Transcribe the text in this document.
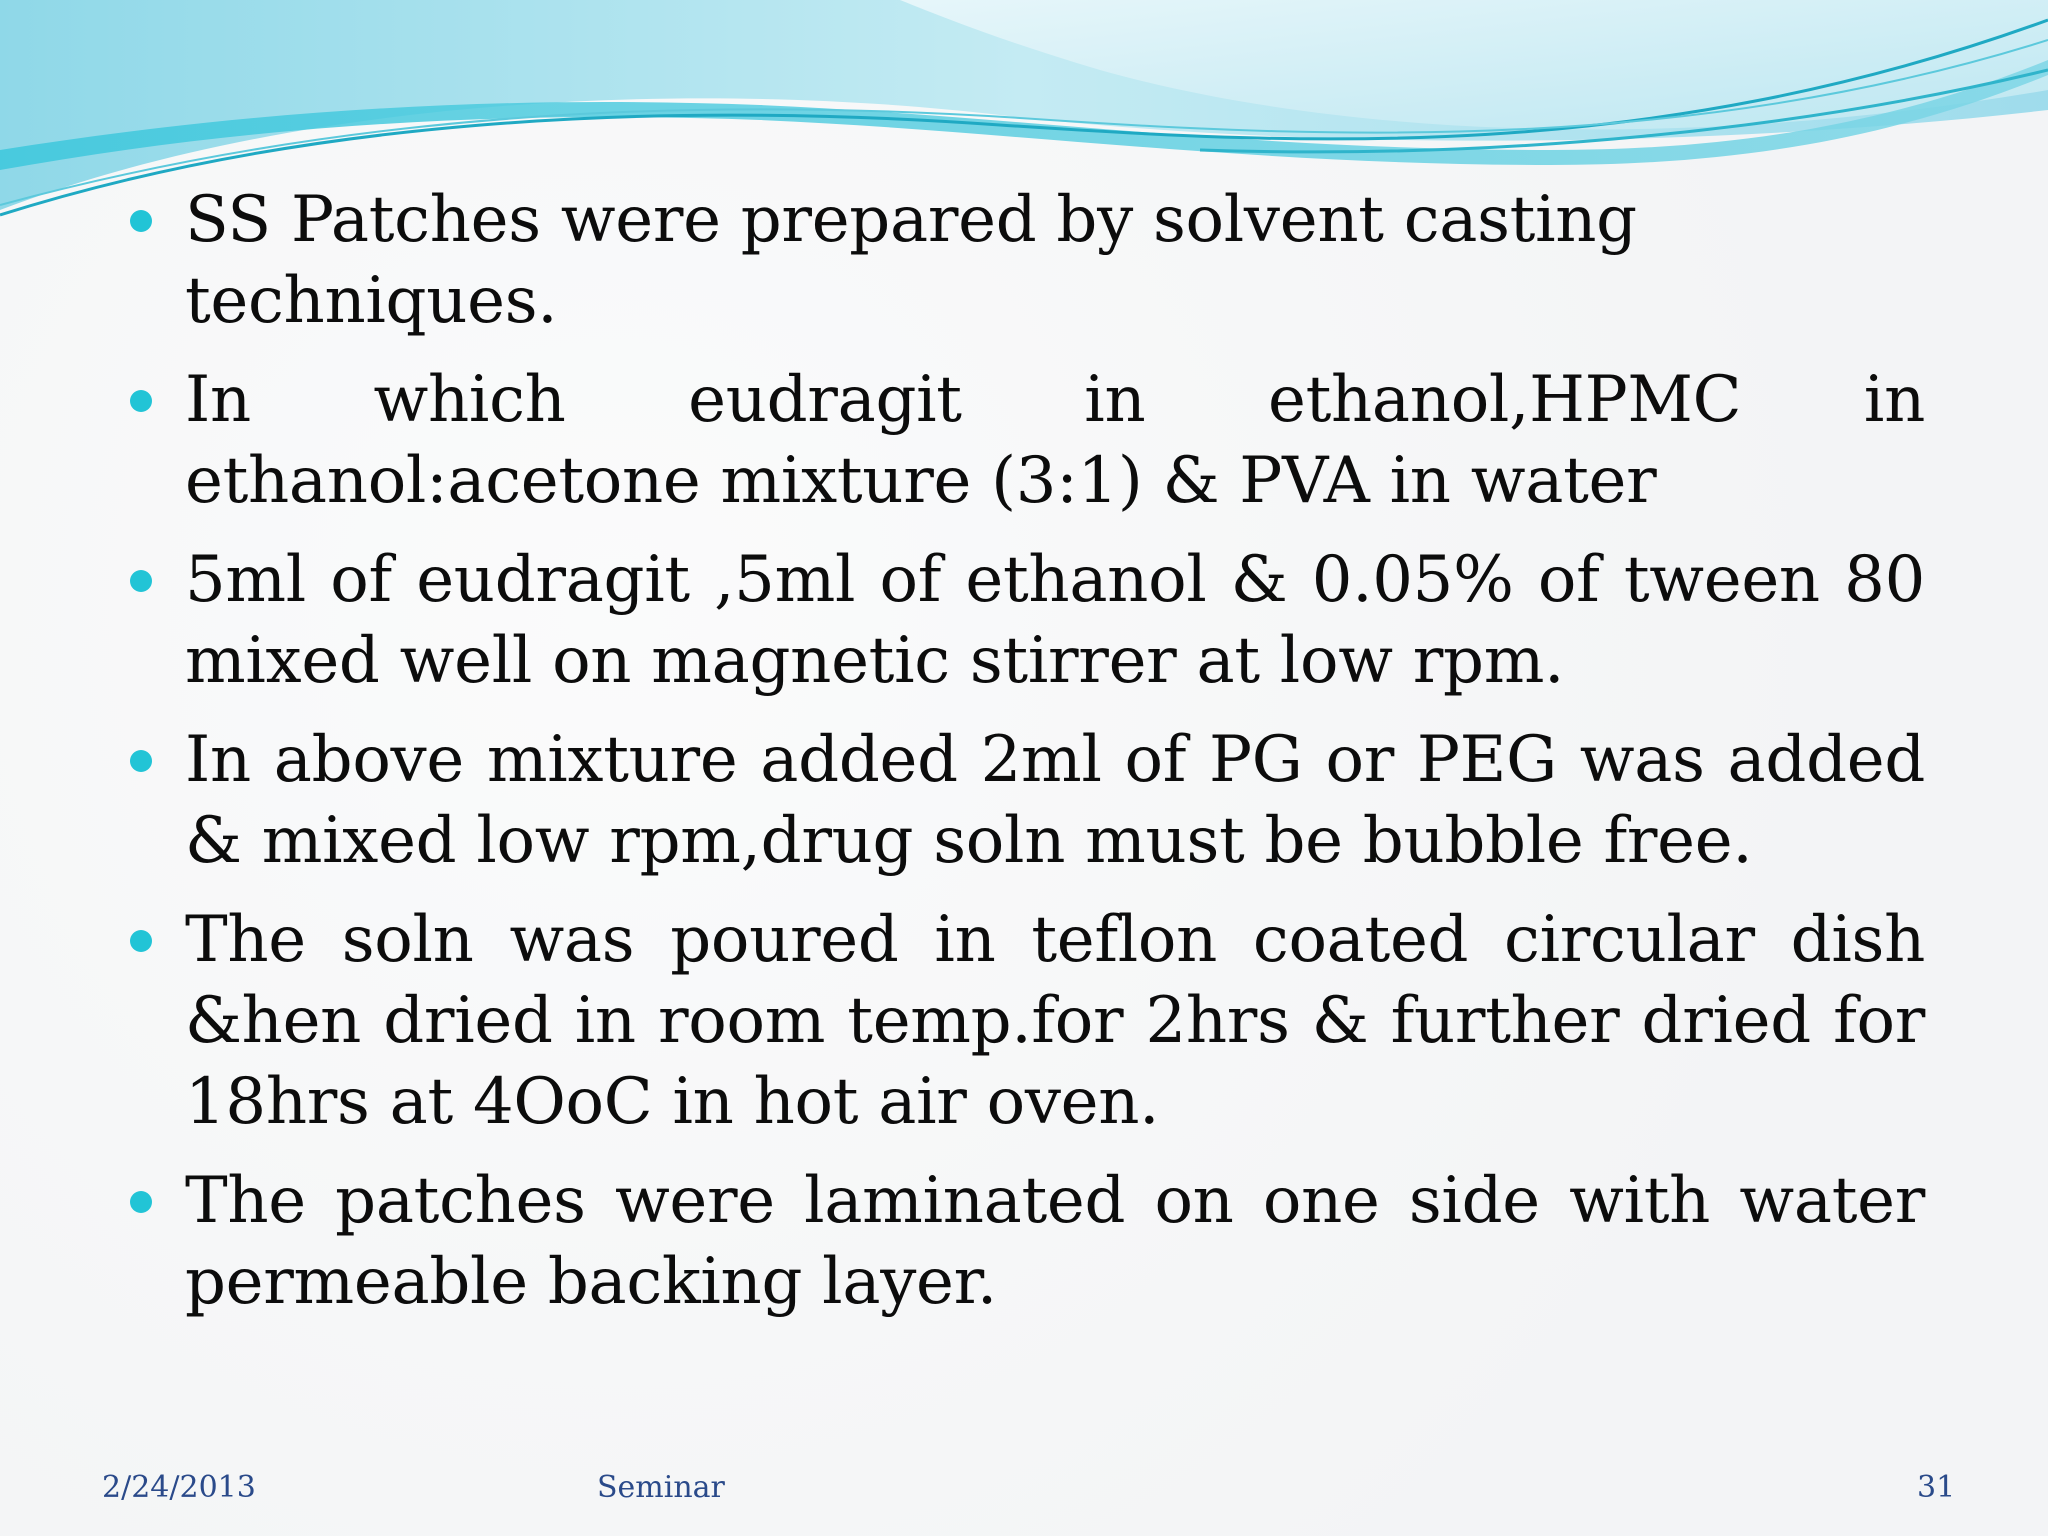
SS Patches were prepared by solvent casting techniques.
In which eudragit in ethanol,HPMC in ethanol:acetone mixture (3:1) & PVA in water
5ml of eudragit ,5ml of ethanol & 0.05% of tween 80 mixed well on magnetic stirrer at low rpm.
In above mixture added 2ml of PG or PEG was added & mixed low rpm,drug soln must be bubble free.
The soln was poured in teflon coated circular dish &hen dried in room temp.for 2hrs & further dried for 18hrs at 4OoC in hot air oven.
The patches were laminated on one side with water permeable backing layer.
2/24/2013	Seminar	31
